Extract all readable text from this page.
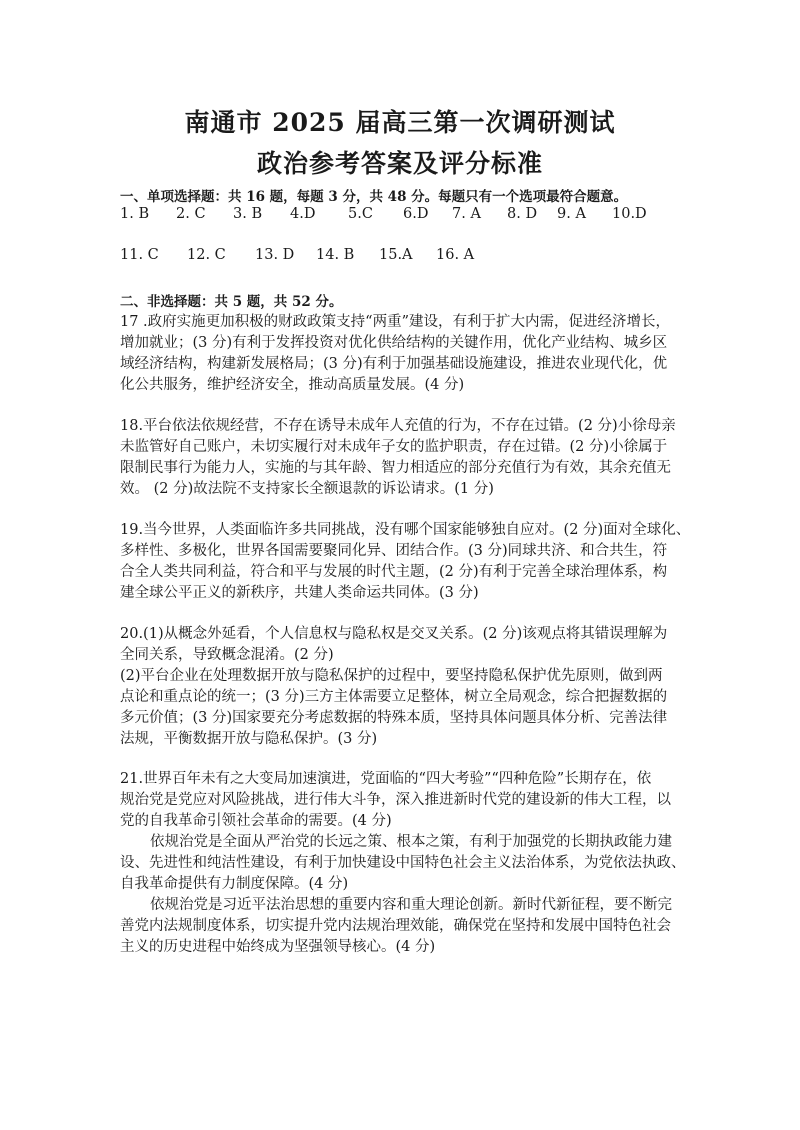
南通市 2025 届高三第一次调研测试
政治参考答案及评分标准
一、单项选择题：共 16 题，每题 3 分，共 48 分。每题只有一个选项最符合题意。
1. B 2. C 3. B 4.D 5.C 6.D 7. A 8. D 9. A 10.D
11. C 12. C 13. D 14. B 15.A 16. A
二、非选择题：共 5 题，共 52 分。
17 .政府实施更加积极的财政政策支持“两重”建设，有利于扩大内需，促进经济增长，
增加就业；(3 分)有利于发挥投资对优化供给结构的关键作用，优化产业结构、城乡区
域经济结构，构建新发展格局；(3 分)有利于加强基础设施建设，推进农业现代化，优
化公共服务，维护经济安全，推动高质量发展。(4 分)
18.平台依法依规经营，不存在诱导未成年人充值的行为，不存在过错。(2 分)小徐母亲
未监管好自己账户，未切实履行对未成年子女的监护职责，存在过错。(2 分)小徐属于
限制民事行为能力人，实施的与其年龄、智力相适应的部分充值行为有效，其余充值无
效。 (2 分)故法院不支持家长全额退款的诉讼请求。(1 分)
19.当今世界，人类面临许多共同挑战，没有哪个国家能够独自应对。(2 分)面对全球化、
多样性、多极化，世界各国需要聚同化异、团结合作。(3 分)同球共济、和合共生，符
合全人类共同利益，符合和平与发展的时代主题，(2 分)有利于完善全球治理体系，构
建全球公平正义的新秩序，共建人类命运共同体。(3 分)
20.(1)从概念外延看，个人信息权与隐私权是交叉关系。(2 分)该观点将其错误理解为
全同关系，导致概念混淆。(2 分)
(2)平台企业在处理数据开放与隐私保护的过程中，要坚持隐私保护优先原则，做到两
点论和重点论的统一；(3 分)三方主体需要立足整体，树立全局观念，综合把握数据的
多元价值；(3 分)国家要充分考虑数据的特殊本质，坚持具体问题具体分析、完善法律
法规，平衡数据开放与隐私保护。(3 分)
21.世界百年未有之大变局加速演进，党面临的“四大考验”“四种危险”长期存在，依
规治党是党应对风险挑战，进行伟大斗争，深入推进新时代党的建设新的伟大工程，以
党的自我革命引领社会革命的需要。(4 分)
依规治党是全面从严治党的长远之策、根本之策，有利于加强党的长期执政能力建
设、先进性和纯洁性建设，有利于加快建设中国特色社会主义法治体系，为党依法执政、
自我革命提供有力制度保障。(4 分)
依规治党是习近平法治思想的重要内容和重大理论创新。新时代新征程，要不断完
善党内法规制度体系，切实提升党内法规治理效能，确保党在坚持和发展中国特色社会
主义的历史进程中始终成为坚强领导核心。(4 分)
